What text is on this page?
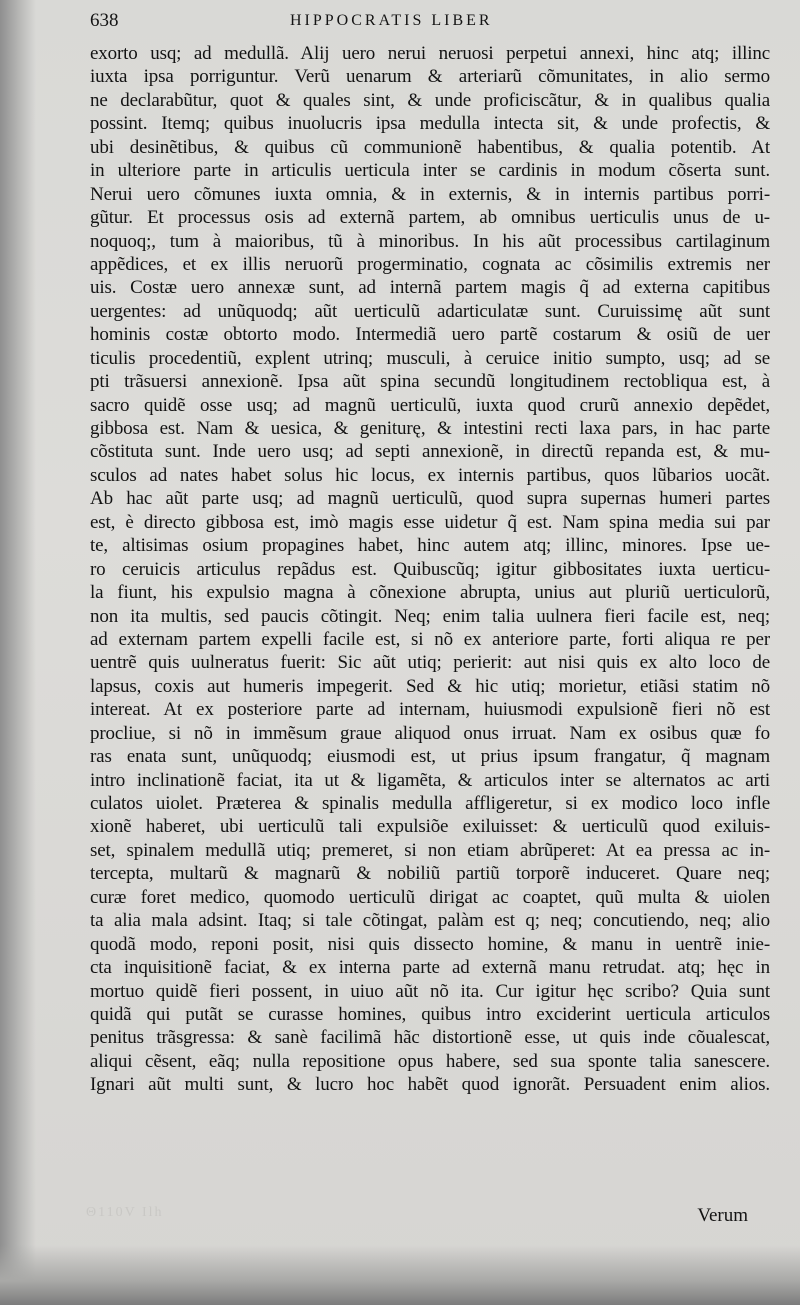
638	HIPPOCRATIS LIBER
exorto usq; ad medullã. Alij uero nerui neruosi perpetui annexi, hinc atq; illinc
iuxta ipsa porriguntur. Verũ uenarum & arteriarũ cõmunitates, in alio sermo
ne declarabũtur, quot & quales sint, & unde proficiscãtur, & in qualibus qualia
possint. Itemq; quibus inuolucris ipsa medulla intecta sit, & unde profectis, &
ubi desinẽtibus, & quibus cũ communionẽ habentibus, & qualia potentib. At
in ulteriore parte in articulis uerticula inter se cardinis in modum cõserta sunt.
Nerui uero cõmunes iuxta omnia, & in externis, & in internis partibus porri-
gũtur. Et processus osis ad externã partem, ab omnibus uerticulis unus de u-
noquoq;, tum à maioribus, tũ à minoribus. In his aũt processibus cartilaginum
appẽdices, et ex illis neruorũ progerminatio, cognata ac cõsimilis extremis ner
uis. Costæ uero annexæ sunt, ad internã partem magis q̃ ad externa capitibus
uergentes: ad unũquodq; aũt uerticulũ adarticulatæ sunt. Curuissimę aũt sunt
hominis costæ obtorto modo. Intermediã uero partẽ costarum & osiũ de uer
ticulis procedentiũ, explent utrinq; musculi, à ceruice initio sumpto, usq; ad se
pti trãsuersi annexionẽ. Ipsa aũt spina secundũ longitudinem rectobliqua est, à
sacro quidẽ osse usq; ad magnũ uerticulũ, iuxta quod crurũ annexio depẽdet,
gibbosa est. Nam & uesica, & geniturę, & intestini recti laxa pars, in hac parte
cõstituta sunt. Inde uero usq; ad septi annexionẽ, in directũ repanda est, & mu-
sculos ad nates habet solus hic locus, ex internis partibus, quos lũbarios uocãt.
Ab hac aũt parte usq; ad magnũ uerticulũ, quod supra supernas humeri partes
est, è directo gibbosa est, imò magis esse uidetur q̃ est. Nam spina media sui par
te, altisimas osium propagines habet, hinc autem atq; illinc, minores. Ipse ue-
ro ceruicis articulus repãdus est. Quibuscũq; igitur gibbositates iuxta uerticu-
la fiunt, his expulsio magna à cõnexione abrupta, unius aut pluriũ uerticulorũ,
non ita multis, sed paucis cõtingit. Neq; enim talia uulnera fieri facile est, neq;
ad externam partem expelli facile est, si nõ ex anteriore parte, forti aliqua re per
uentrẽ quis uulneratus fuerit: Sic aũt utiq; perierit: aut nisi quis ex alto loco de
lapsus, coxis aut humeris impegerit. Sed & hic utiq; morietur, etiãsi statim nõ
intereat. At ex posteriore parte ad internam, huiusmodi expulsionẽ fieri nõ est
procliue, si nõ in immẽsum graue aliquod onus irruat. Nam ex osibus quæ fo
ras enata sunt, unũquodq; eiusmodi est, ut prius ipsum frangatur, q̃ magnam
intro inclinationẽ faciat, ita ut & ligamẽta, & articulos inter se alternatos ac arti
culatos uiolet. Prӕterea & spinalis medulla affligeretur, si ex modico loco infle
xionẽ haberet, ubi uerticulũ tali expulsiõe exiluisset: & uerticulũ quod exiluis-
set, spinalem medullã utiq; premeret, si non etiam abrũperet: At ea pressa ac in-
tercepta, multarũ & magnarũ & nobiliũ partiũ torporẽ induceret. Quare neq;
curæ foret medico, quomodo uerticulũ dirigat ac coaptet, quũ multa & uiolen
ta alia mala adsint. Itaq; si tale cõtingat, palàm est q; neq; concutiendo, neq; alio
quodã modo, reponi posit, nisi quis dissecto homine, & manu in uentrẽ inie-
cta inquisitionẽ faciat, & ex interna parte ad externã manu retrudat. atq; hęc in
mortuo quidẽ fieri possent, in uiuo aũt nõ ita. Cur igitur hęc scribo? Quia sunt
quidã qui putãt se curasse homines, quibus intro exciderint uerticula articulos
penitus trãsgressa: & sanè facilimã hãc distortionẽ esse, ut quis inde cõualescat,
aliqui cẽsent, eãq; nulla repositione opus habere, sed sua sponte talia sanescere.
Ignari aũt multi sunt, & lucro hoc habẽt quod ignorãt. Persuadent enim alios.
Θ110V Ilh	Verum
